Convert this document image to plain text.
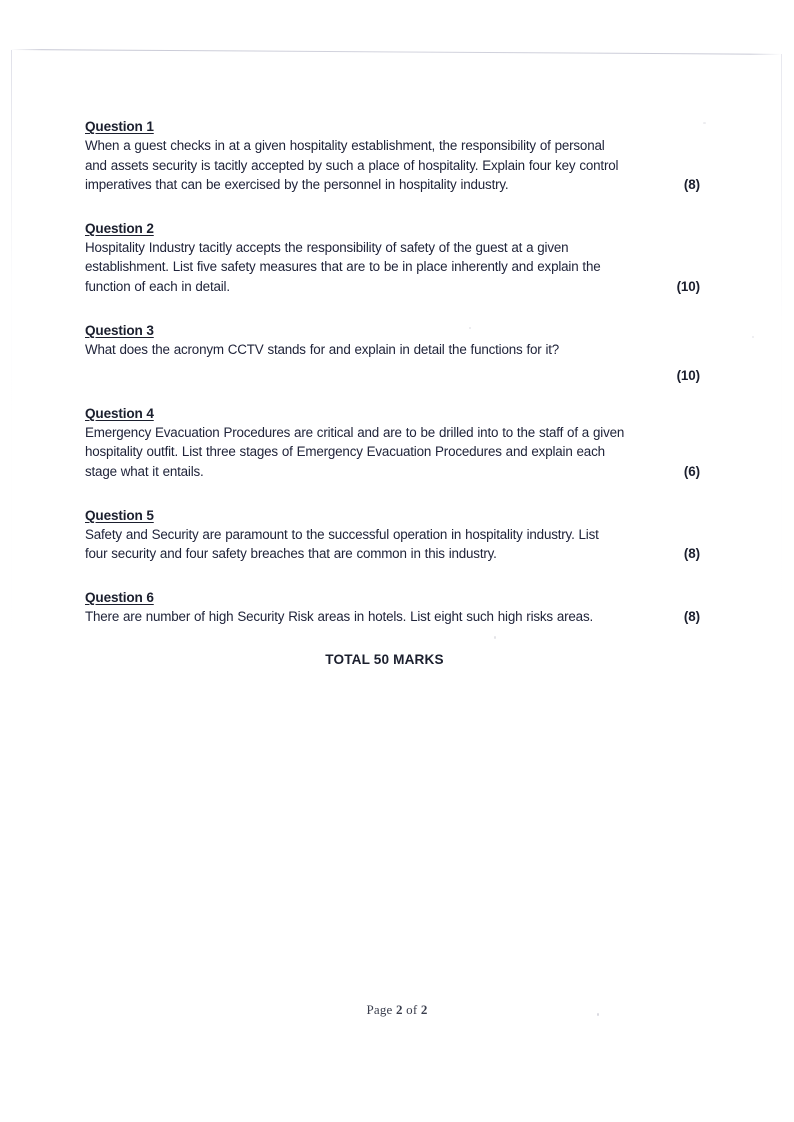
Question 1

When a guest checks in at a given hospitality establishment, the responsibility of personal

and assets security is tacitly accepted by such a place of hospitality. Explain four key control

imperatives that can be exercised by the personnel in hospitality industry.	(8)
Question 2

Hospitality Industry tacitly accepts the responsibility of safety of the guest at a given

establishment. List five safety measures that are to be in place inherently and explain the

function of each in detail.	(10)
Question 3

What does the acronym CCTV stands for and explain in detail the functions for it?

(10)
Question 4

Emergency Evacuation Procedures are critical and are to be drilled into to the staff of a given

hospitality outfit. List three stages of Emergency Evacuation Procedures and explain each

stage what it entails.	(6)
Question 5

Safety and Security are paramount to the successful operation in hospitality industry. List

four security and four safety breaches that are common in this industry.	(8)
Question 6
There are number of high Security Risk areas in hotels. List eight such high risks areas.	(8)
TOTAL 50 MARKS
Page 2 of 2
